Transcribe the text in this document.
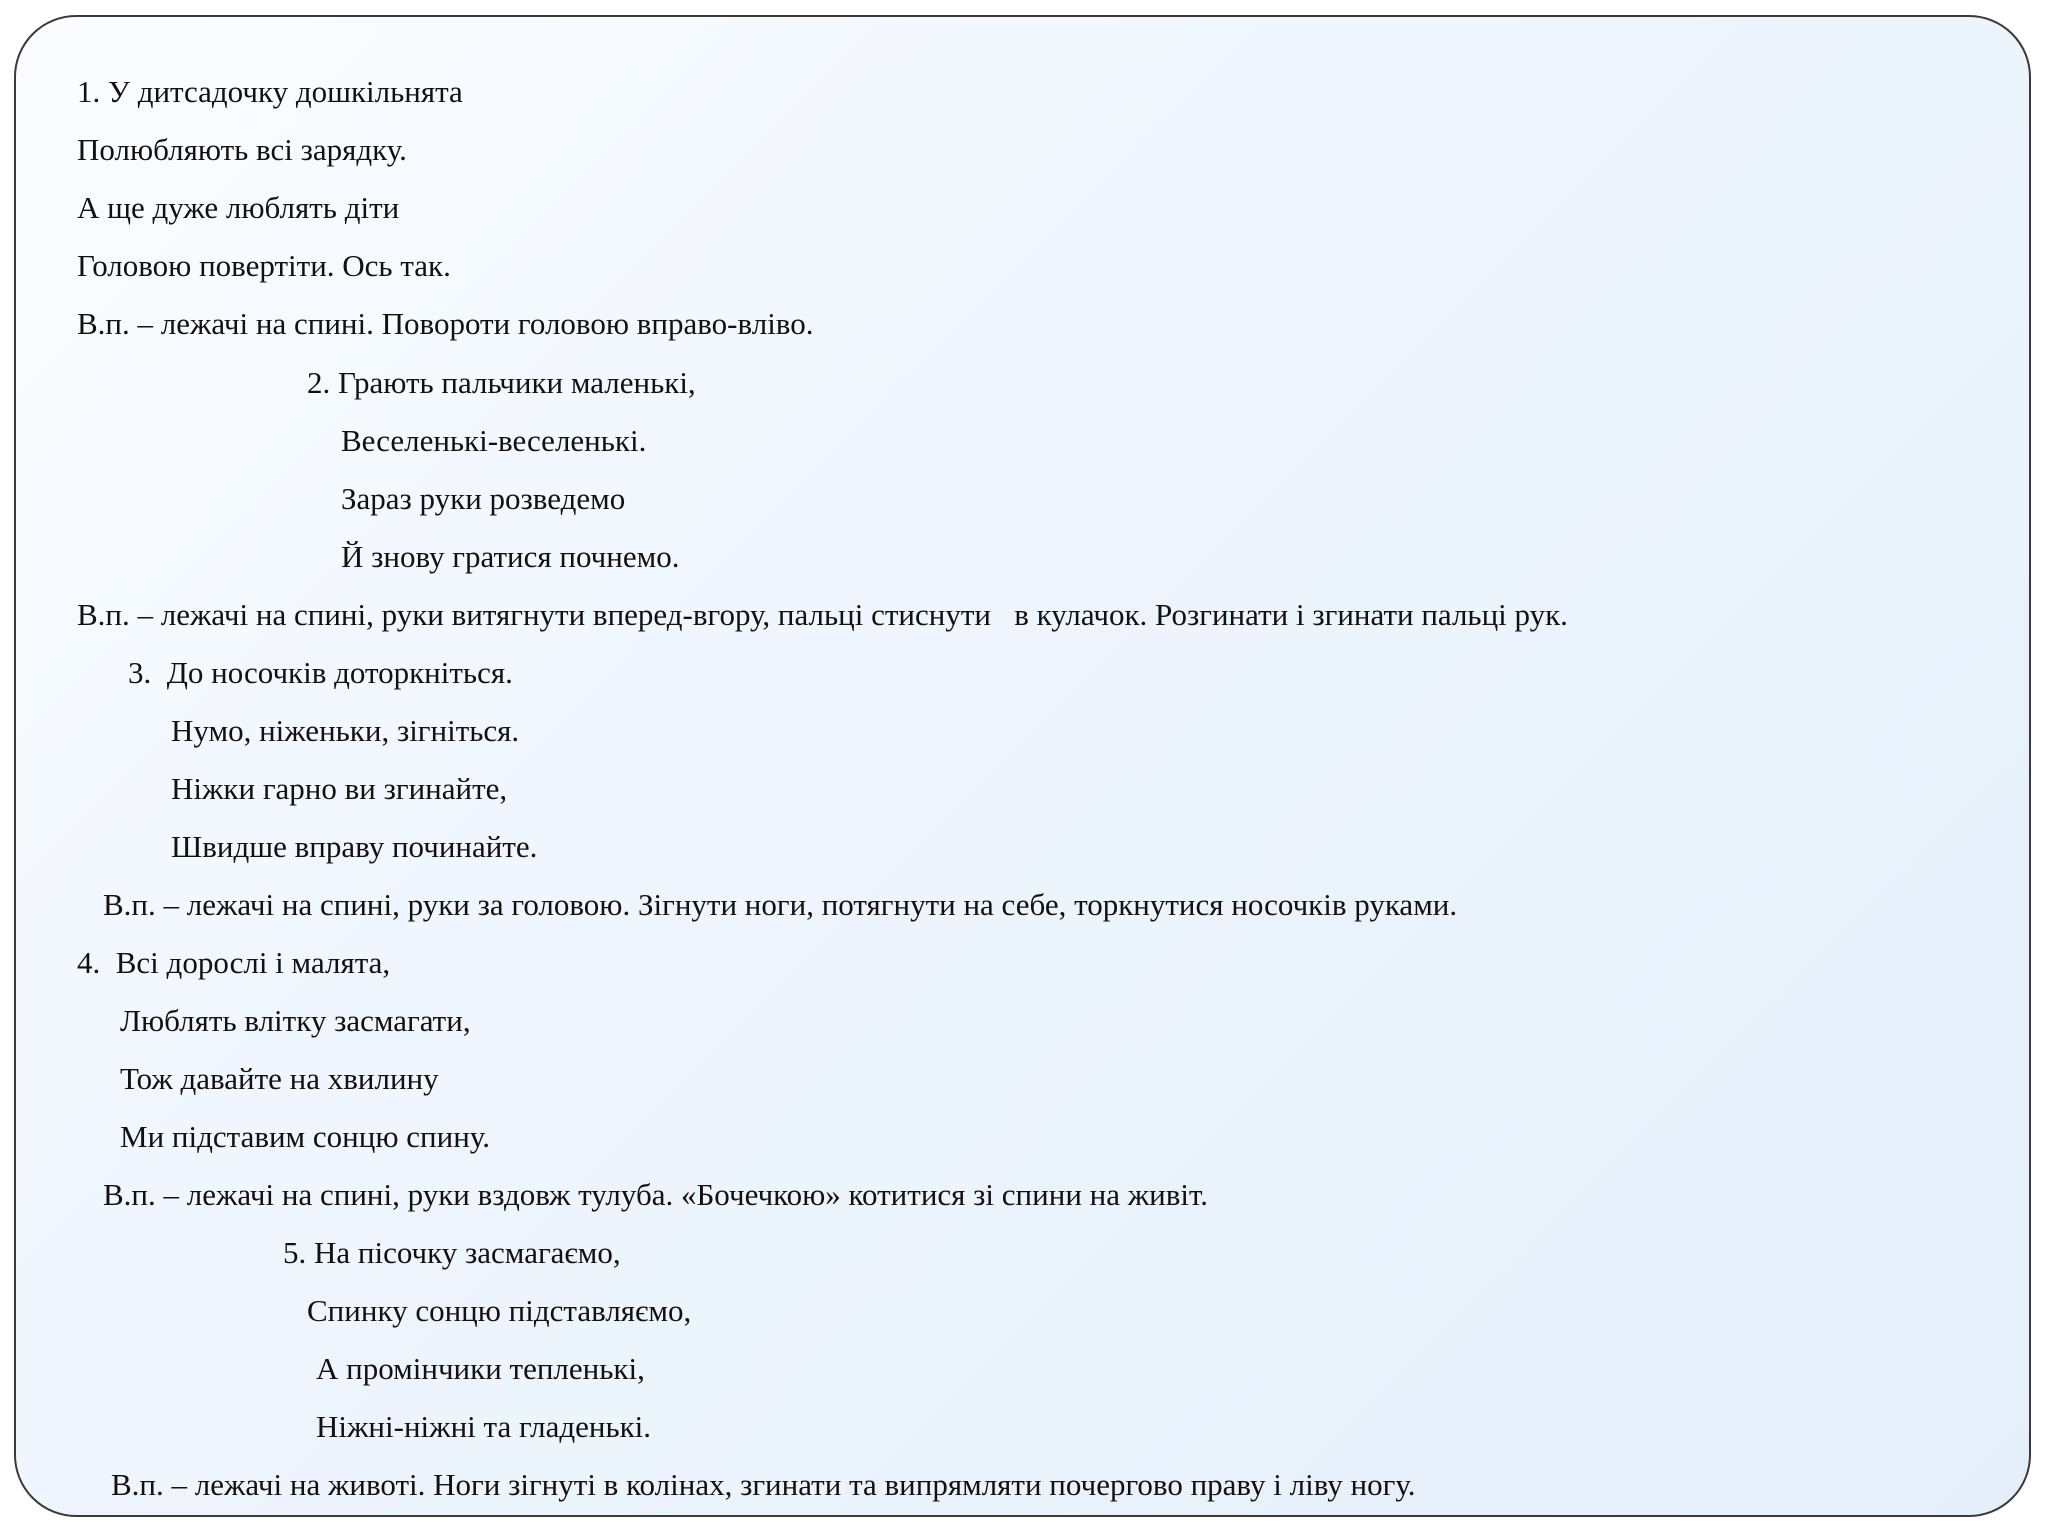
1. У дитсадочку дошкільнята
Полюбляють всі зарядку.
А ще дуже люблять діти
Головою повертіти. Ось так.
В.п. – лежачі на спині. Повороти головою вправо-вліво.
2. Грають пальчики маленькі,
Веселенькі-веселенькі.
Зараз руки розведемо
Й знову гратися почнемо.
В.п. – лежачі на спині, руки витягнути вперед-вгору, пальці стиснути   в кулачок. Розгинати і згинати пальці рук.
3.  До носочків доторкніться.
Нумо, ніженьки, зігніться.
Ніжки гарно ви згинайте,
Швидше вправу починайте.
В.п. – лежачі на спині, руки за головою. Зігнути ноги, потягнути на себе, торкнутися носочків руками.
4.  Всі дорослі і малята,
Люблять влітку засмагати,
Тож давайте на хвилину
Ми підставим сонцю спину.
В.п. – лежачі на спині, руки вздовж тулуба. «Бочечкою» котитися зі спини на живіт.
5. На пісочку засмагаємо,
Спинку сонцю підставляємо,
А промінчики тепленькі,
Ніжні-ніжні та гладенькі.
В.п. – лежачі на животі. Ноги зігнуті в колінах, згинати та випрямляти почергово праву і ліву ногу.
